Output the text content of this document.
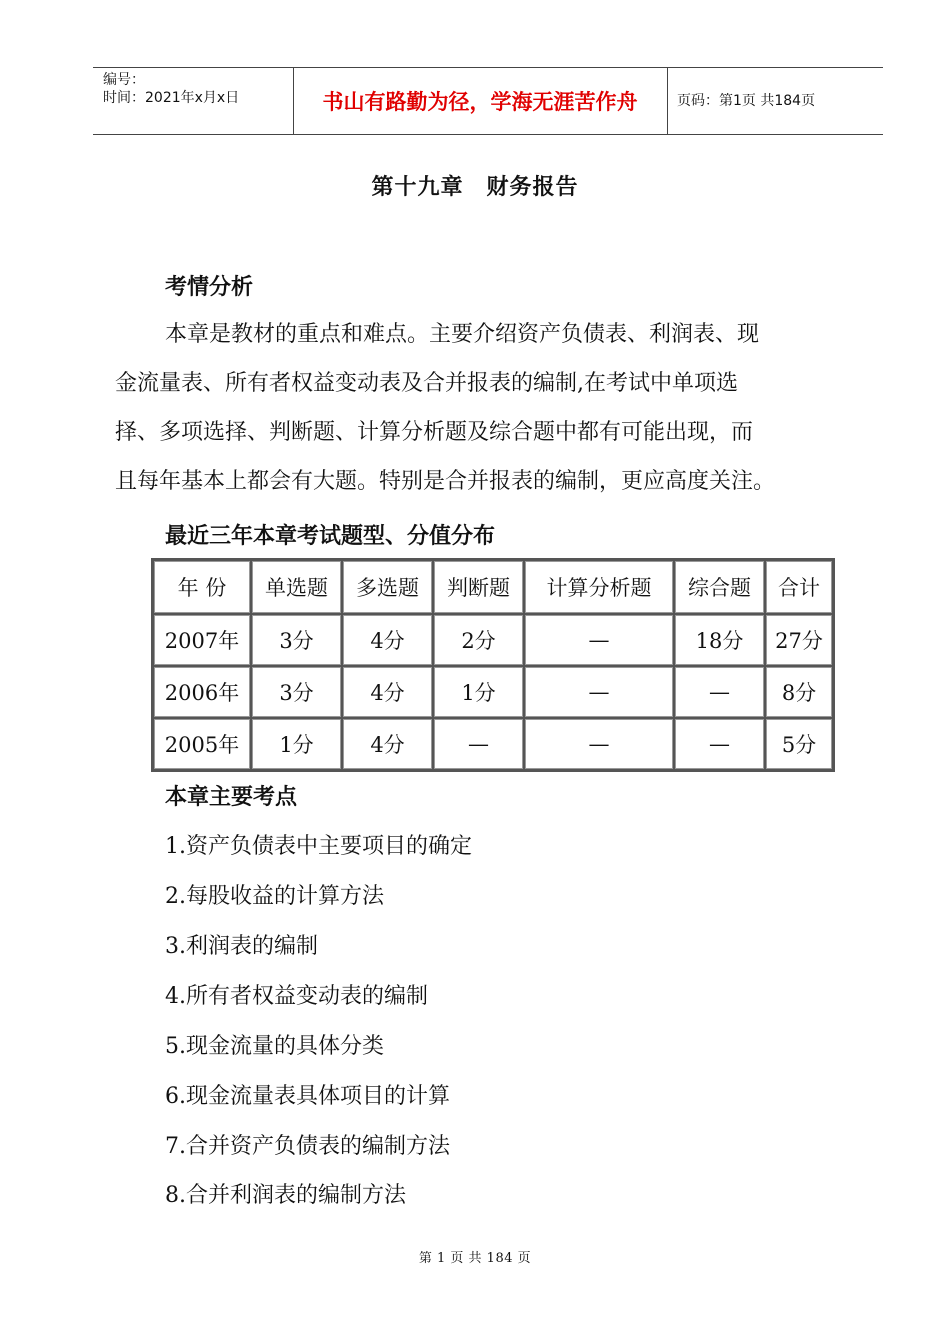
编号：
时间：2021年x月x日	书山有路勤为径，学海无涯苦作舟	页码：第1页 共184页
第十九章　财务报告
考情分析
本章是教材的重点和难点。主要介绍资产负债表、利润表、现
金流量表、所有者权益变动表及合并报表的编制,在考试中单项选
择、多项选择、判断题、计算分析题及综合题中都有可能出现，而
且每年基本上都会有大题。特别是合并报表的编制，更应高度关注。
最近三年本章考试题型、分值分布
年 份	单选题	多选题	判断题	计算分析题	综合题	合计
2007年	3分	4分	2分	—	18分	27分
2006年	3分	4分	1分	—	—	8分
2005年	1分	4分	—	—	—	5分
本章主要考点
1.资产负债表中主要项目的确定
2.每股收益的计算方法
3.利润表的编制
4.所有者权益变动表的编制
5.现金流量的具体分类
6.现金流量表具体项目的计算
7.合并资产负债表的编制方法
8.合并利润表的编制方法
第 1 页 共 184 页
